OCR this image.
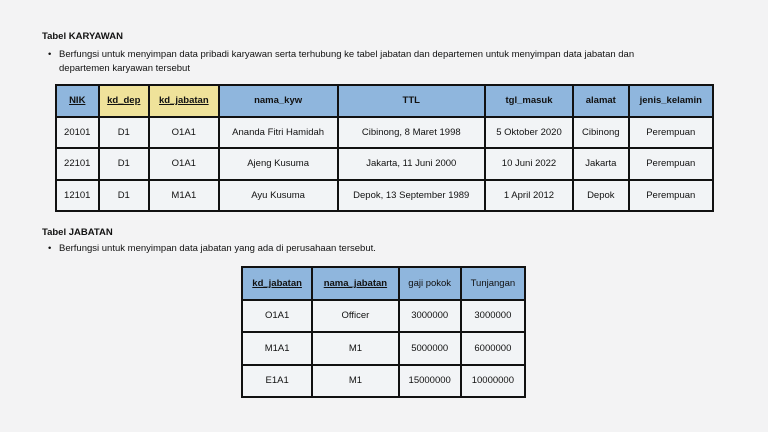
Tabel KARYAWAN
• Berfungsi untuk menyimpan data pribadi karyawan serta terhubung ke tabel jabatan dan departemen untuk menyimpan data jabatan dan
departemen karyawan tersebut
NIK	kd_dep	kd_jabatan	nama_kyw	TTL	tgl_masuk	alamat	jenis_kelamin
20101	D1	O1A1	Ananda Fitri Hamidah	Cibinong, 8 Maret 1998	5 Oktober 2020	Cibinong	Perempuan
22101	D1	O1A1	Ajeng Kusuma	Jakarta, 11 Juni 2000	10 Juni 2022	Jakarta	Perempuan
12101	D1	M1A1	Ayu Kusuma	Depok, 13 September 1989	1 April 2012	Depok	Perempuan
Tabel JABATAN
• Berfungsi untuk menyimpan data jabatan yang ada di perusahaan tersebut.
kd_jabatan	nama_jabatan	gaji pokok	Tunjangan
O1A1	Officer	3000000	3000000
M1A1	M1	5000000	6000000
E1A1	M1	15000000	10000000
